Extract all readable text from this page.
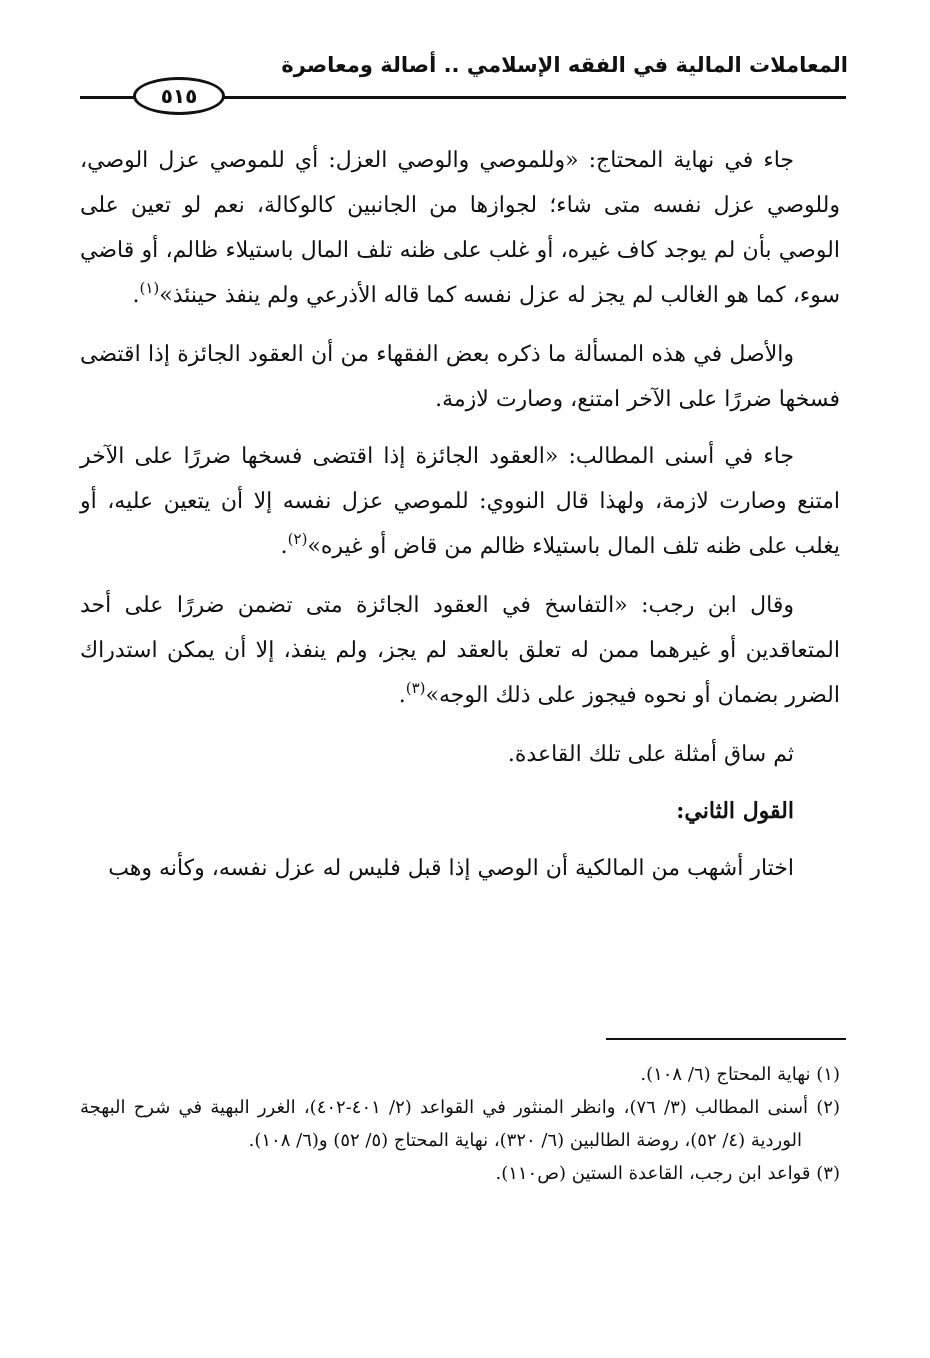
المعاملات المالية في الفقه الإسلامي .. أصالة ومعاصرة
٥١٥

جاء في نهاية المحتاج: «وللموصي والوصي العزل: أي للموصي عزل الوصي، وللوصي عزل نفسه متى شاء؛ لجوازها من الجانبين كالوكالة، نعم لو تعين على الوصي بأن لم يوجد كاف غيره، أو غلب على ظنه تلف المال باستيلاء ظالم، أو قاضي سوء، كما هو الغالب لم يجز له عزل نفسه كما قاله الأذرعي ولم ينفذ حينئذ»$^{(١)}$.

والأصل في هذه المسألة ما ذكره بعض الفقهاء من أن العقود الجائزة إذا اقتضى فسخها ضررًا على الآخر امتنع، وصارت لازمة.

جاء في أسنى المطالب: «العقود الجائزة إذا اقتضى فسخها ضررًا على الآخر امتنع وصارت لازمة، ولهذا قال النووي: للموصي عزل نفسه إلا أن يتعين عليه، أو يغلب على ظنه تلف المال باستيلاء ظالم من قاض أو غيره»$^{(٢)}$.

وقال ابن رجب: «التفاسخ في العقود الجائزة متى تضمن ضررًا على أحد المتعاقدين أو غيرهما ممن له تعلق بالعقد لم يجز، ولم ينفذ، إلا أن يمكن استدراك الضرر بضمان أو نحوه فيجوز على ذلك الوجه»$^{(٣)}$.

ثم ساق أمثلة على تلك القاعدة.

القول الثاني:

اختار أشهب من المالكية أن الوصي إذا قبل فليس له عزل نفسه، وكأنه وهب

(١) نهاية المحتاج (٦/ ١٠٨).

(٢) أسنى المطالب (٣/ ٧٦)، وانظر المنثور في القواعد (٢/ ٤٠١-٤٠٢)، الغرر البهية في شرح البهجة الوردية (٤/ ٥٢)، روضة الطالبين (٦/ ٣٢٠)، نهاية المحتاج (٥/ ٥٢) و(٦/ ١٠٨).

(٣) قواعد ابن رجب، القاعدة الستين (ص١١٠).
